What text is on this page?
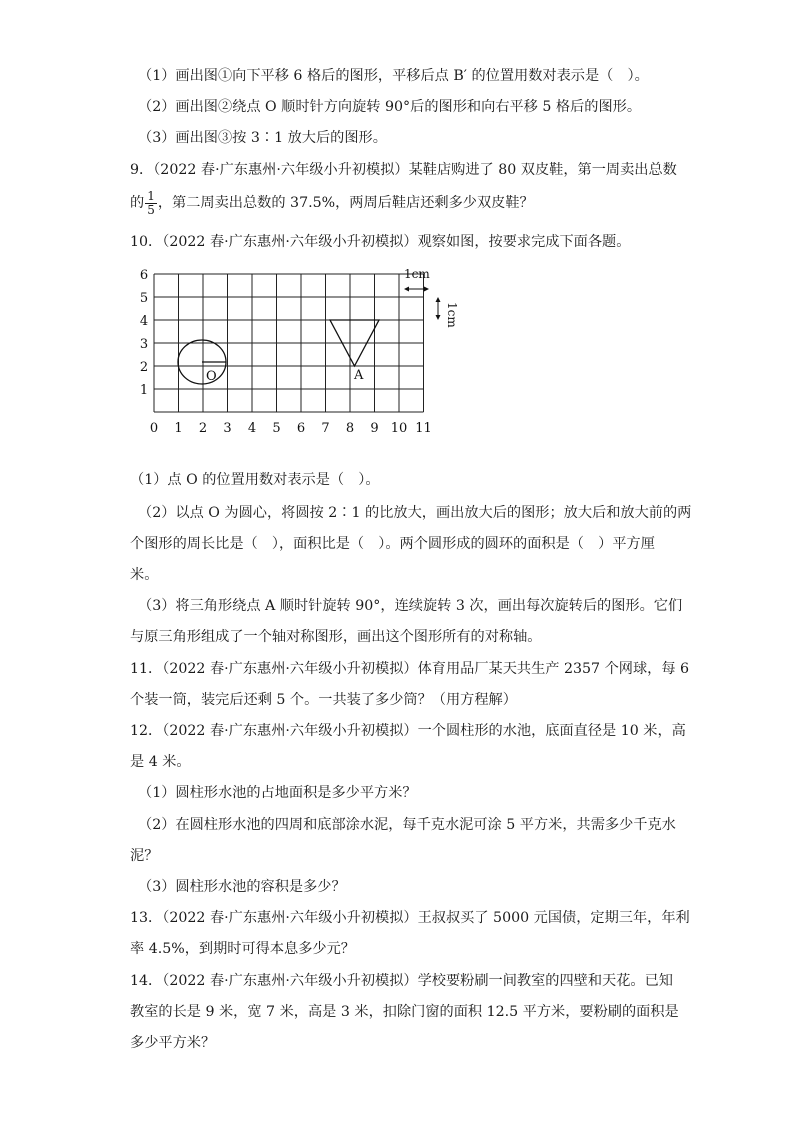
（1）画出图①向下平移 6 格后的图形，平移后点 B′ 的位置用数对表示是（　）。
（2）画出图②绕点 O 顺时针方向旋转 90°后的图形和向右平移 5 格后的图形。
（3）画出图③按 3∶1 放大后的图形。
9．（2022 春·广东惠州·六年级小升初模拟）某鞋店购进了 80 双皮鞋，第一周卖出总数
的 $\frac{1}{5}$ ，第二周卖出总数的 37.5%，两周后鞋店还剩多少双皮鞋？
10．（2022 春·广东惠州·六年级小升初模拟）观察如图，按要求完成下面各题。
0 1 2 3 4 5 6 7 8 9 10 11
1
2
3
4
5
6
O	A
1cm
1cm
（1）点 O 的位置用数对表示是（　）。
（2）以点 O 为圆心，将圆按 2∶1 的比放大，画出放大后的图形；放大后和放大前的两
个图形的周长比是（　），面积比是（　）。两个圆形成的圆环的面积是（　）平方厘
米。
（3）将三角形绕点 A 顺时针旋转 90°，连续旋转 3 次，画出每次旋转后的图形。它们
与原三角形组成了一个轴对称图形，画出这个图形所有的对称轴。
11．（2022 春·广东惠州·六年级小升初模拟）体育用品厂某天共生产 2357 个网球，每 6
个装一筒，装完后还剩 5 个。一共装了多少筒？（用方程解）
12．（2022 春·广东惠州·六年级小升初模拟）一个圆柱形的水池，底面直径是 10 米，高
是 4 米。
（1）圆柱形水池的占地面积是多少平方米？
（2）在圆柱形水池的四周和底部涂水泥，每千克水泥可涂 5 平方米，共需多少千克水
泥？
（3）圆柱形水池的容积是多少？
13．（2022 春·广东惠州·六年级小升初模拟）王叔叔买了 5000 元国债，定期三年，年利
率 4.5%，到期时可得本息多少元？
14．（2022 春·广东惠州·六年级小升初模拟）学校要粉刷一间教室的四壁和天花。已知
教室的长是 9 米，宽 7 米，高是 3 米，扣除门窗的面积 12.5 平方米，要粉刷的面积是
多少平方米？
